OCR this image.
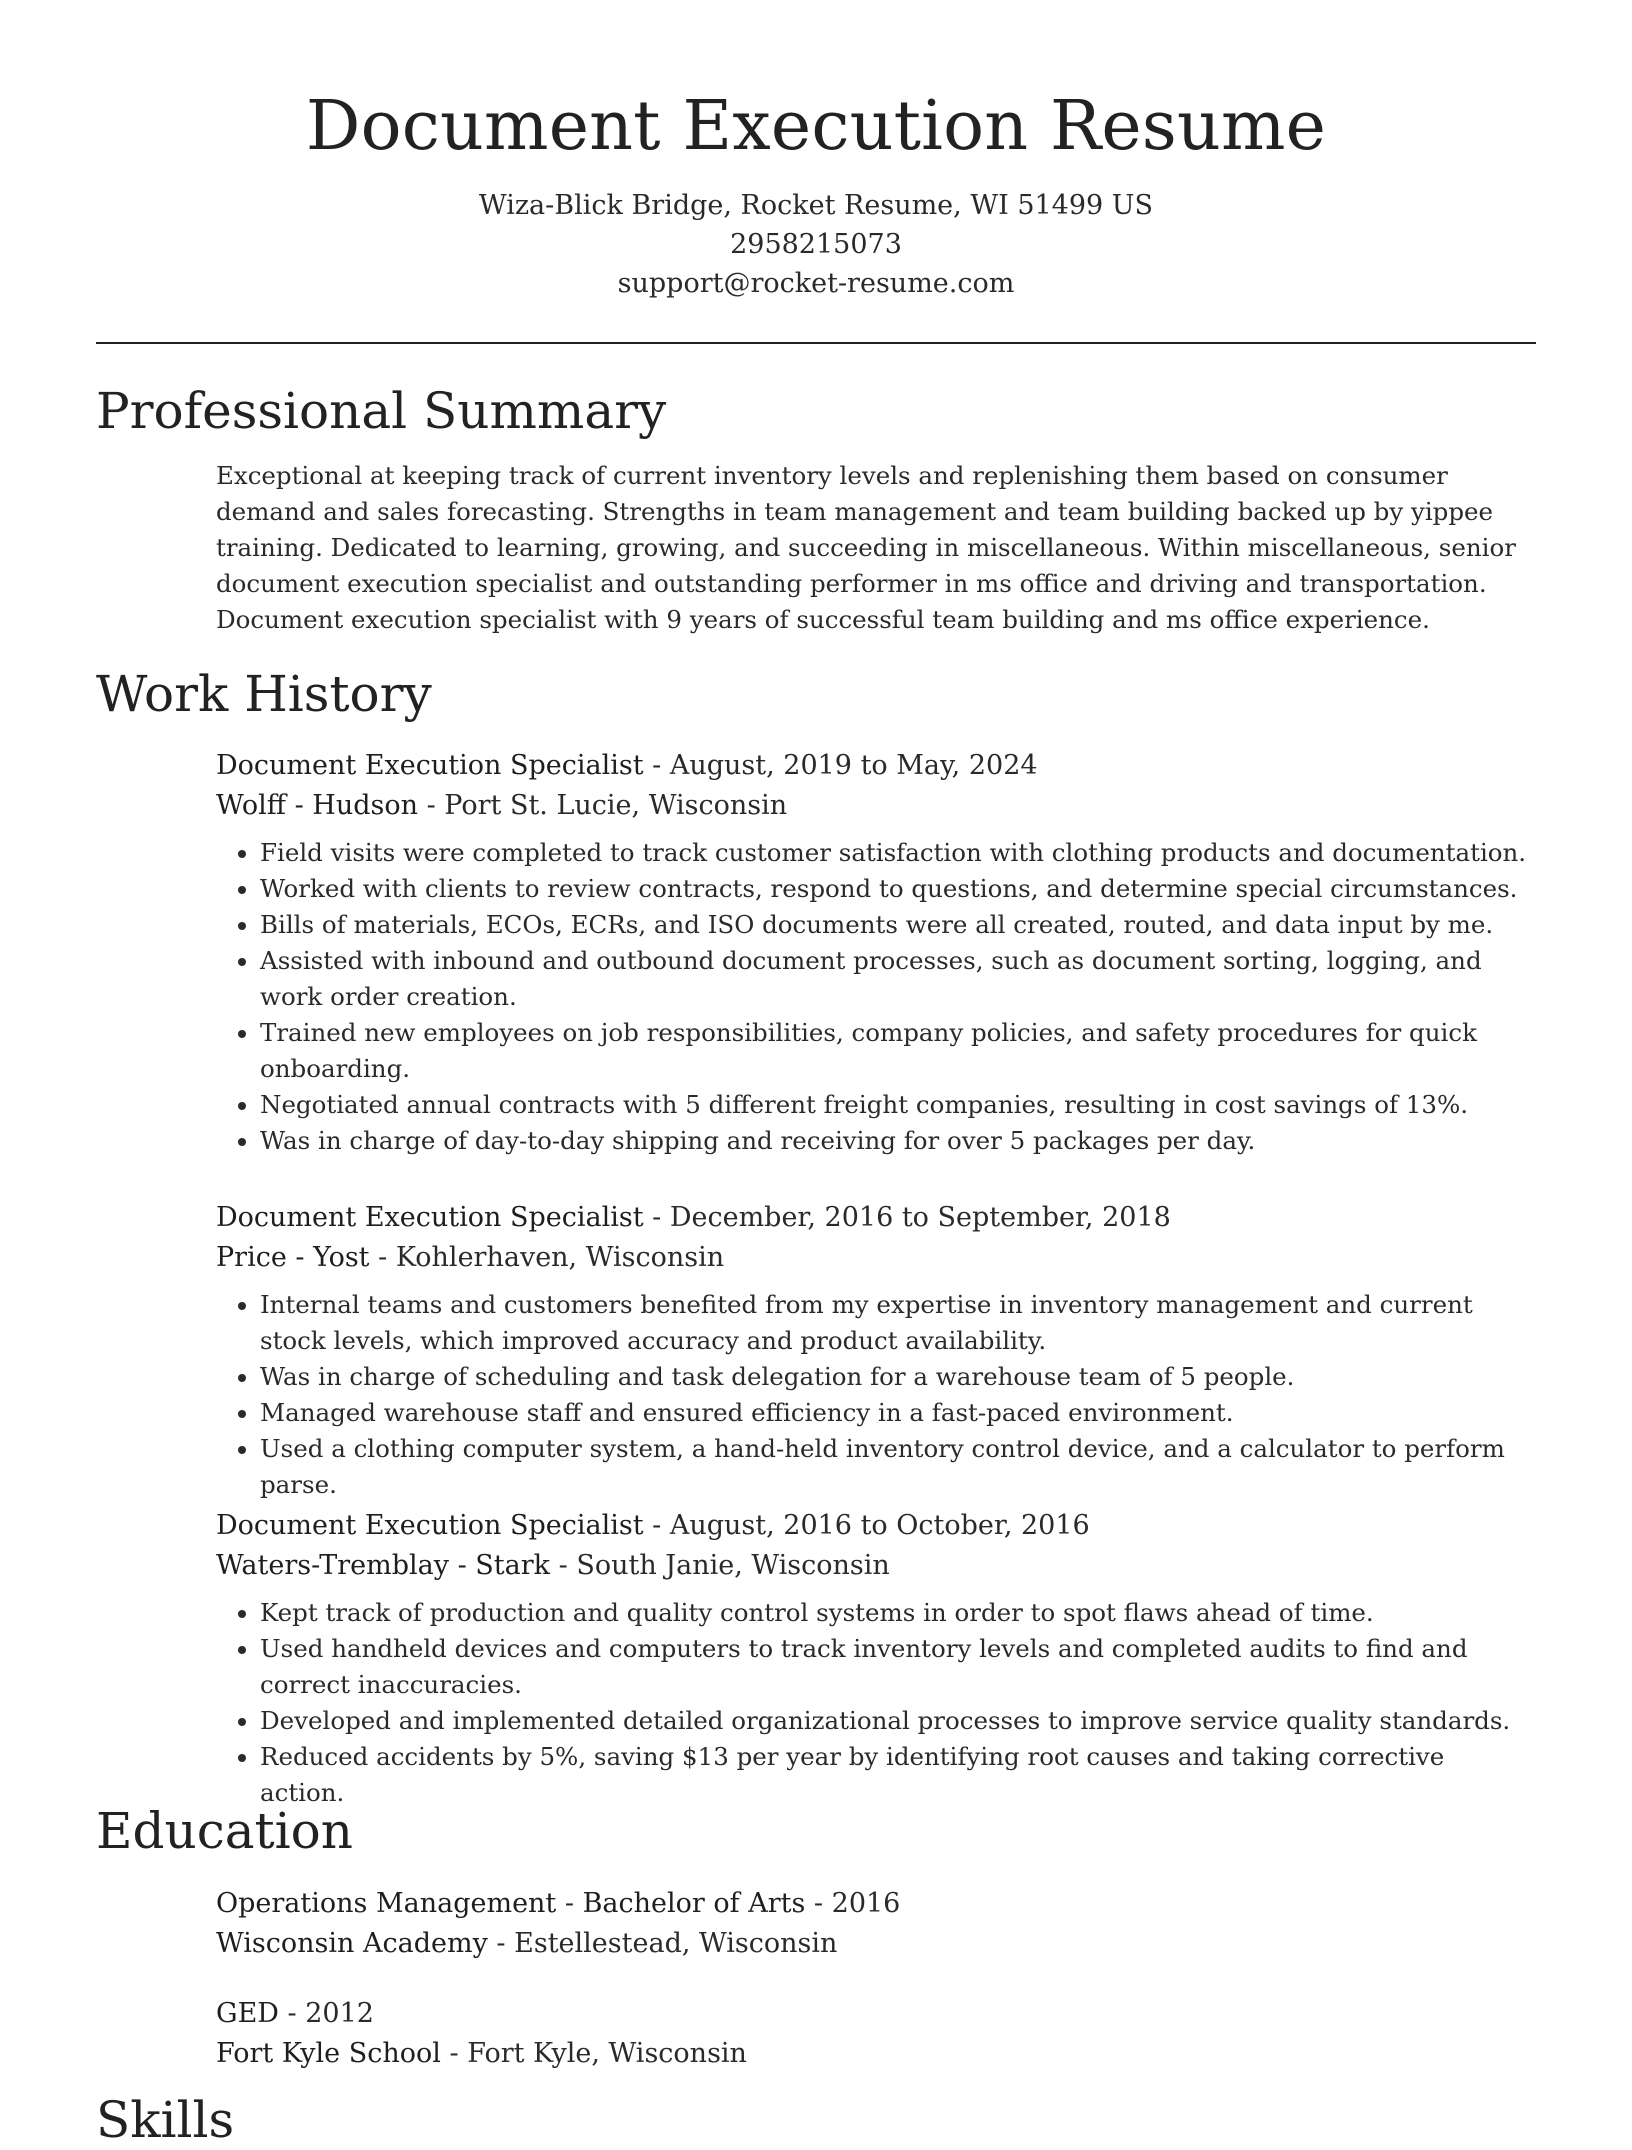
Document Execution Resume
Wiza-Blick Bridge, Rocket Resume, WI 51499 US
2958215073
support@rocket-resume.com
Professional Summary

Exceptional at keeping track of current inventory levels and replenishing them based on consumer demand and sales forecasting. Strengths in team management and team building backed up by yippee training. Dedicated to learning, growing, and succeeding in miscellaneous. Within miscellaneous, senior document execution specialist and outstanding performer in ms office and driving and transportation. Document execution specialist with 9 years of successful team building and ms office experience.

Work History
Document Execution Specialist - August, 2019 to May, 2024
Wolff - Hudson - Port St. Lucie, Wisconsin
• Field visits were completed to track customer satisfaction with clothing products and documentation.
• Worked with clients to review contracts, respond to questions, and determine special circumstances.
• Bills of materials, ECOs, ECRs, and ISO documents were all created, routed, and data input by me.
• Assisted with inbound and outbound document processes, such as document sorting, logging, and work order creation.
• Trained new employees on job responsibilities, company policies, and safety procedures for quick onboarding.
• Negotiated annual contracts with 5 different freight companies, resulting in cost savings of 13%.
• Was in charge of day-to-day shipping and receiving for over 5 packages per day.
Document Execution Specialist - December, 2016 to September, 2018
Price - Yost - Kohlerhaven, Wisconsin
• Internal teams and customers benefited from my expertise in inventory management and current stock levels, which improved accuracy and product availability.
• Was in charge of scheduling and task delegation for a warehouse team of 5 people.
• Managed warehouse staff and ensured efficiency in a fast-paced environment.
• Used a clothing computer system, a hand-held inventory control device, and a calculator to perform parse.
Document Execution Specialist - August, 2016 to October, 2016
Waters-Tremblay - Stark - South Janie, Wisconsin
• Kept track of production and quality control systems in order to spot flaws ahead of time.
• Used handheld devices and computers to track inventory levels and completed audits to find and correct inaccuracies.
• Developed and implemented detailed organizational processes to improve service quality standards.
• Reduced accidents by 5%, saving $13 per year by identifying root causes and taking corrective action.
Education
Operations Management - Bachelor of Arts - 2016
Wisconsin Academy - Estellestead, Wisconsin
GED - 2012
Fort Kyle School - Fort Kyle, Wisconsin
Skills
